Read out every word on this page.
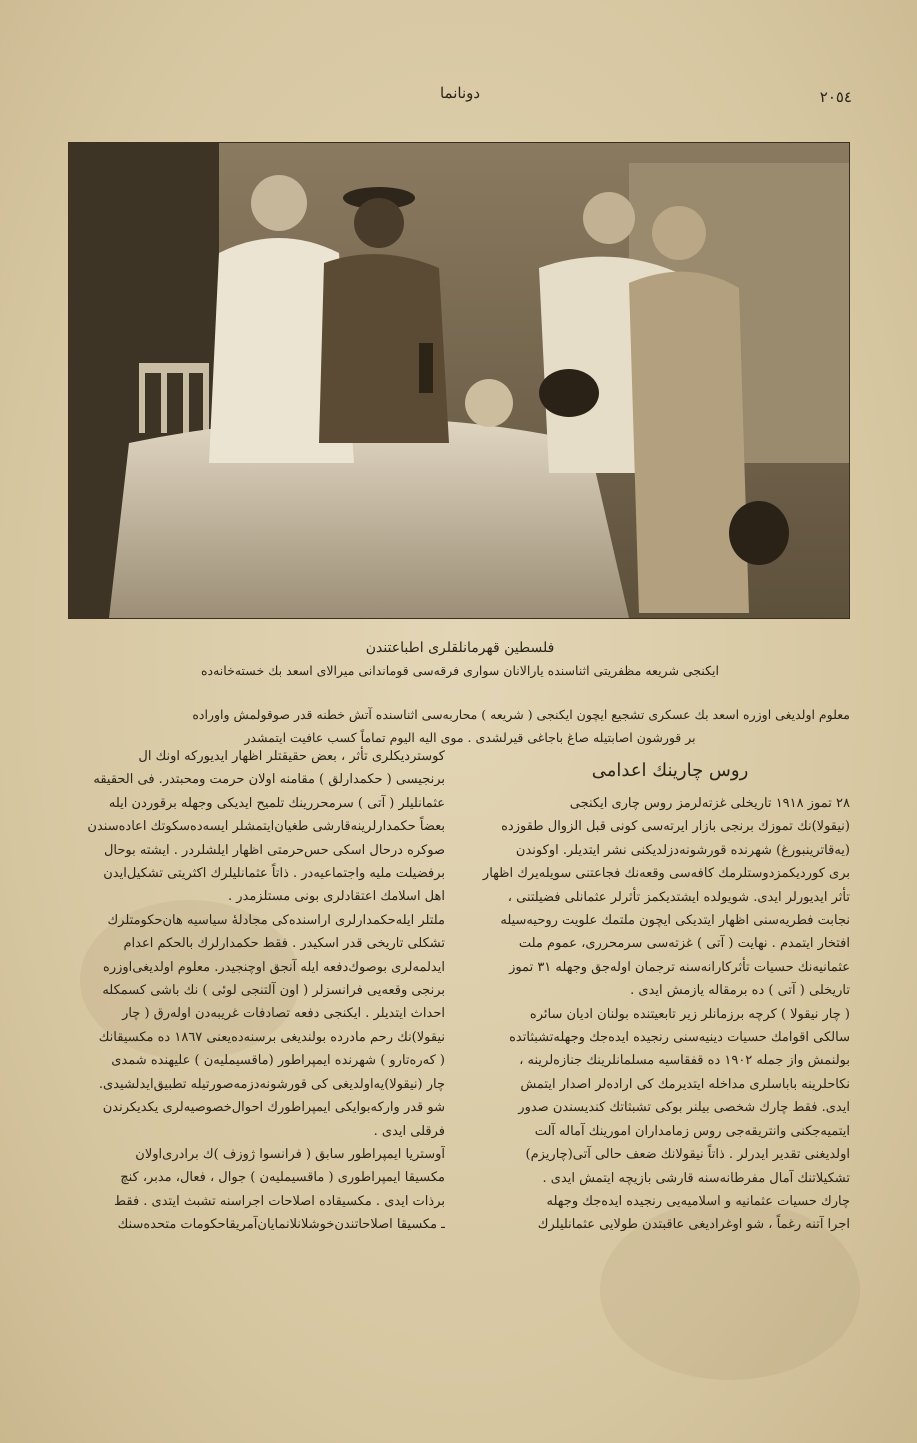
دونانما	٢٠٥٤
فلسطين قهرمانلقلرى اطباعتندن
ايكنجى شريعه مظفريتى اثناسنده يارالانان سوارى فرقه‌سى قوماندانى ميرالاى اسعد بك خسته‌خانه‌ده
معلوم اولديغى اوزره اسعد بك عسكرى تشجيع ايچون ايكنجى ( شريعه ) محاربه‌سى اثناسنده آتش خطنه قدر صوقولمش واورا‌ده
بر قورشون اصابتيله صاغ باجاغى قيرلشدى . موى اليه اليوم تماماً كسب عافيت ايتمشدر
روس چارينك اعدامى
٢٨ تموز ١٩١٨ تاريخلى غزته‌لرمز روس چارى ايكنجى
(نيقولا)نك تموزك برنجى بازار ايرته‌سى كونى قبل الزوال طقوزده
(يه‌قاترينبورغ) شهرنده قورشونه‌دزلديكنى نشر ايتديلر. اوكوندن
برى كورديكمزدوستلرمك كافه‌سى وقعه‌نك فجاعتنى سويله‌يرك اظهار
تأثر ايديورلر ايدى. شويولده ايشتديكمز تأثرلر عثمانلى فضيلتنى ،
نجابت فطريه‌سنى اظهار ايتديكى ايچون ملتمك علويت روحيه‌سيله
افتخار ايتمدم . نهايت ( آتى ) غزته‌سى سرمحررى، عموم ملت
عثمانيه‌نك حسيات تأثركارانه‌سنه ترجمان اوله‌جق وجهله ٣١ تموز
تاريخلى ( آتى ) ده برمقاله يازمش ايدى .
( چار نيقولا ) كرچه برزمانلر زير تابعيتنده بولنان اديان سائره
سالكى اقوامك حسيات دينيه‌سنى رنجيده ايده‌جك وجهله‌تشبثاتده
بولنمش واز جمله ١٩٠٢ ده قفقاسيه مسلمانلرينك جنازه‌لرينه ،
نكاحلرينه باباسلرى مداخله ايتديرمك كى اراده‌لر اصدار ايتمش
ايدى. فقط چارك شخصى بيلنر بوكى تشبثاتك كنديسندن صدور
ايتميه‌جكنى وانتريقه‌جى روس زمامداران امورينك آماله آلت
اولديغنى تقدير ايدرلر . ذاتاً نيقولانك ضعف حالى آتى(چاريزم)
تشكيلاتنك آمال مفرطانه‌سنه قارشى بازيچه ايتمش ايدى .
چارك حسيات عثمانيه و اسلاميه‌يى رنجيده ايده‌جك وجهله
اجرا آتنه رغماً ، شو اوغراديغى عاقبتدن طولايى عثمانليلرك
كوسترديكلرى تأثر ، بعض حقيقتلر اظهار ايديوركه اونك ال
برنجيسى ( حكمدارلق ) مقامنه اولان حرمت ومحبتدر. فى الحقيقه
عثمانليلر ( آتى ) سرمحررينك تلميح ايديكى وجهله برقوردن ايله
بعضاً حكمدارلرينه‌قارشى طغيان‌ايتمشلر ايسه‌ده‌سكوتك اعاده‌سندن
صوكره درحال اسكى حس‌حرمتى اظهار ايلشلردر . ايشته بوحال
برفضيلت مليه واجتماعيه‌در . ذاتاً عثمانليلرك اكثريتى تشكيل‌ايدن
اهل اسلامك اعتقادلرى بونى مستلزمدر .
ملتلر ايله‌حكمدارلرى اراسنده‌كى مجادلهٔ سياسيه‌ هان‌حكومتلرك
تشكلى تاريخى قدر اسكيدر . فقط حكمدارلرك بالحكم اعدام
ايدلمه‌لرى بوصوك‌دفعه ايله آنجق اوچنجيدر. معلوم اولديغى‌اوزره
برنجى وقعه‌يى فرانسزلر ( اون آلتنجى لوئى ) نك باشى كسمكله
احداث ايتديلر . ايكنجى دفعه تصادفات غريبه‌دن اوله‌رق ( چار
نيقولا)نك رحم مادرده بولنديغى برسنه‌ده‌يعنى ١٨٦٧ ده مكسيقانك
( كه‌ره‌تارو ) شهرنده ايمپراطور (ماقسيمليه‌ن ) عليهنده شمدى
چار (نيقولا)يه‌اولديغى كى قورشونه‌دزمه‌صورتيله تطبيق‌ايدلشيدى.
شو قدر واركه‌بوايكى ايمپراطورك احوال‌خصوصيه‌لرى يكديكرندن
فرقلى ايدى .
آوستريا ايمپراطور سابق ( فرانسوا ژوزف )ك برادرى‌اولان
مكسيقا ايمپراطورى ( ماقسيمليه‌ن ) جوال ، فعال، مدبر، كنچ
برذات ايدى . مكسيقاده اصلاحات اجراسنه تشبث ايتدى . فقط
ـ مكسيقا اصلاحاتندن‌خوشلانلانمايان‌آمريقا‌حكومات متحده‌سنك
